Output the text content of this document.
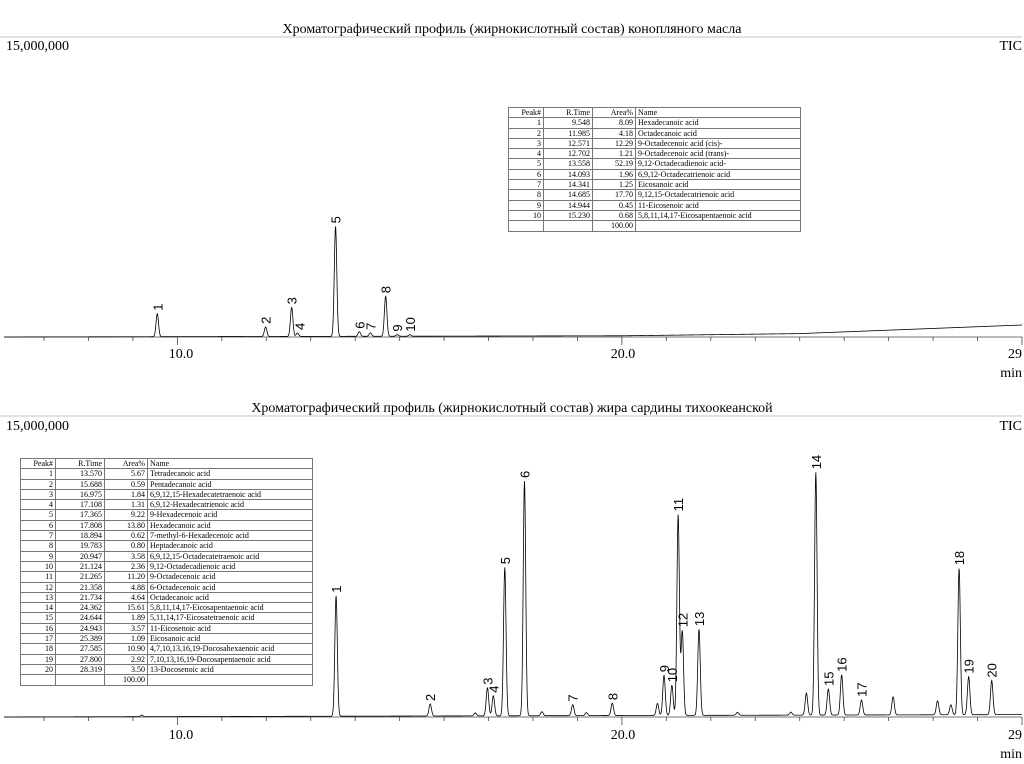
Хроматографический профиль (жирнокислотный состав) конопляного масла
15,000,000	TIC
10.0	20.0	29
min
1
2
3
4
5
6
7
8
9
10
Хроматографический профиль (жирнокислотный состав) жира сардины тихоокеанской
15,000,000	TIC
10.0	20.0	29
min
1
2
3
4
5
6
7 8
9
10
11
12 13
14
15
16
17
18
19 20
Peak#	R.Time	Area%	Name
1	9.548	8.09	Hexadecanoic acid
2	11.985	4.18	Octadecanoic acid
3	12.571	12.29	9-Octadecenoic acid (cis)-
4	12.702	1.21	9-Octadecenoic acid (trans)-
5	13.558	52.19	9,12-Octadecadienoic acid-
6	14.093	1.96	6,9,12-Octadecatrienoic acid
7	14.341	1.25	Eicosanoic acid
8	14.685	17.70	9,12,15-Octadecatrienoic acid
9	14.944	0.45	11-Eicosenoic acid
10	15.230	0.68	5,8,11,14,17-Eicosapentaenoic acid
		100.00	
Peak#	R.Time	Area%	Name
1	13.570	5.67	Tetradecanoic acid
2	15.688	0.59	Pentadecanoic acid
3	16.975	1.84	6,9,12,15-Hexadecatetraenoic acid
4	17.108	1.31	6,9,12-Hexadecatrienoic acid
5	17.365	9.22	9-Hexadecenoic acid
6	17.808	13.80	Hexadecanoic acid
7	18.894	0.62	7-methyl-6-Hexadecenoic acid
8	19.783	0.80	Heptadecanoic acid
9	20.947	3.58	6,9,12,15-Octadecatetraenoic acid
10	21.124	2.36	9,12-Octadecadienoic acid
11	21.265	11.20	9-Octadecenoic acid
12	21.358	4.88	6-Octadecenoic acid
13	21.734	4.64	Octadecanoic acid
14	24.362	15.61	5,8,11,14,17-Eicosapentaenoic acid
15	24.644	1.89	5,11,14,17-Eicosatetraenoic acid
16	24.943	3.57	11-Eicosenoic acid
17	25.389	1.09	Eicosanoic acid
18	27.585	10.90	4,7,10,13,16,19-Docosahexaenoic acid
19	27.800	2.92	7,10,13,16,19-Docosapentaenoic acid
20	28.319	3.50	13-Docosenoic acid
		100.00	
